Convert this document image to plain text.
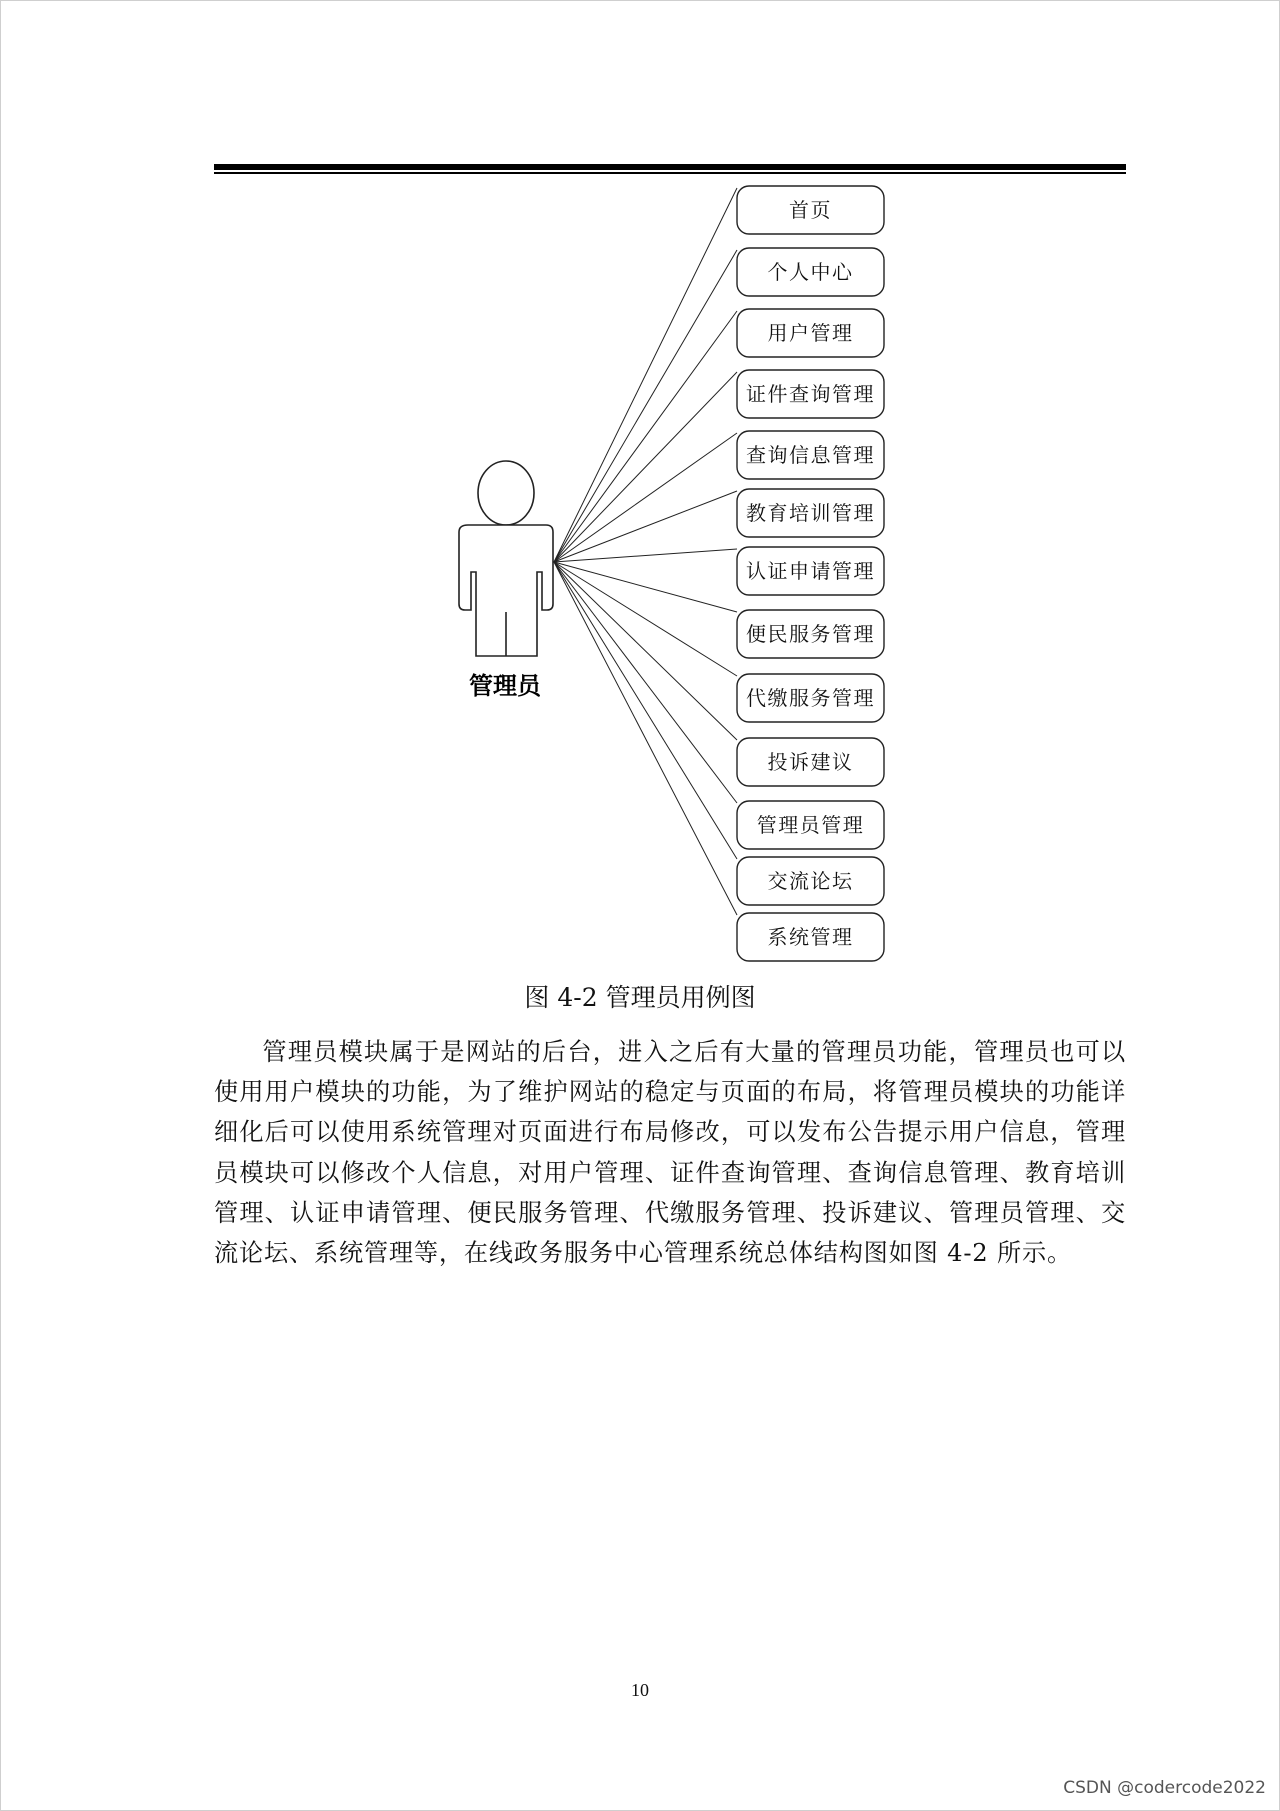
管理员
首页
个人中心
用户管理
证件查询管理
查询信息管理
教育培训管理
认证申请管理
便民服务管理
代缴服务管理
投诉建议
管理员管理
交流论坛
系统管理
图 4-2 管理员用例图

管理员模块属于是网站的后台，进入之后有大量的管理员功能，管理员也可以使用用户模块的功能，为了维护网站的稳定与页面的布局，将管理员模块的功能详细化后可以使用系统管理对页面进行布局修改，可以发布公告提示用户信息，管理员模块可以修改个人信息，对用户管理、证件查询管理、查询信息管理、教育培训管理、认证申请管理、便民服务管理、代缴服务管理、投诉建议、管理员管理、交流论坛、系统管理等，在线政务服务中心管理系统总体结构图如图 4-2 所示。

10
CSDN @codercode2022
